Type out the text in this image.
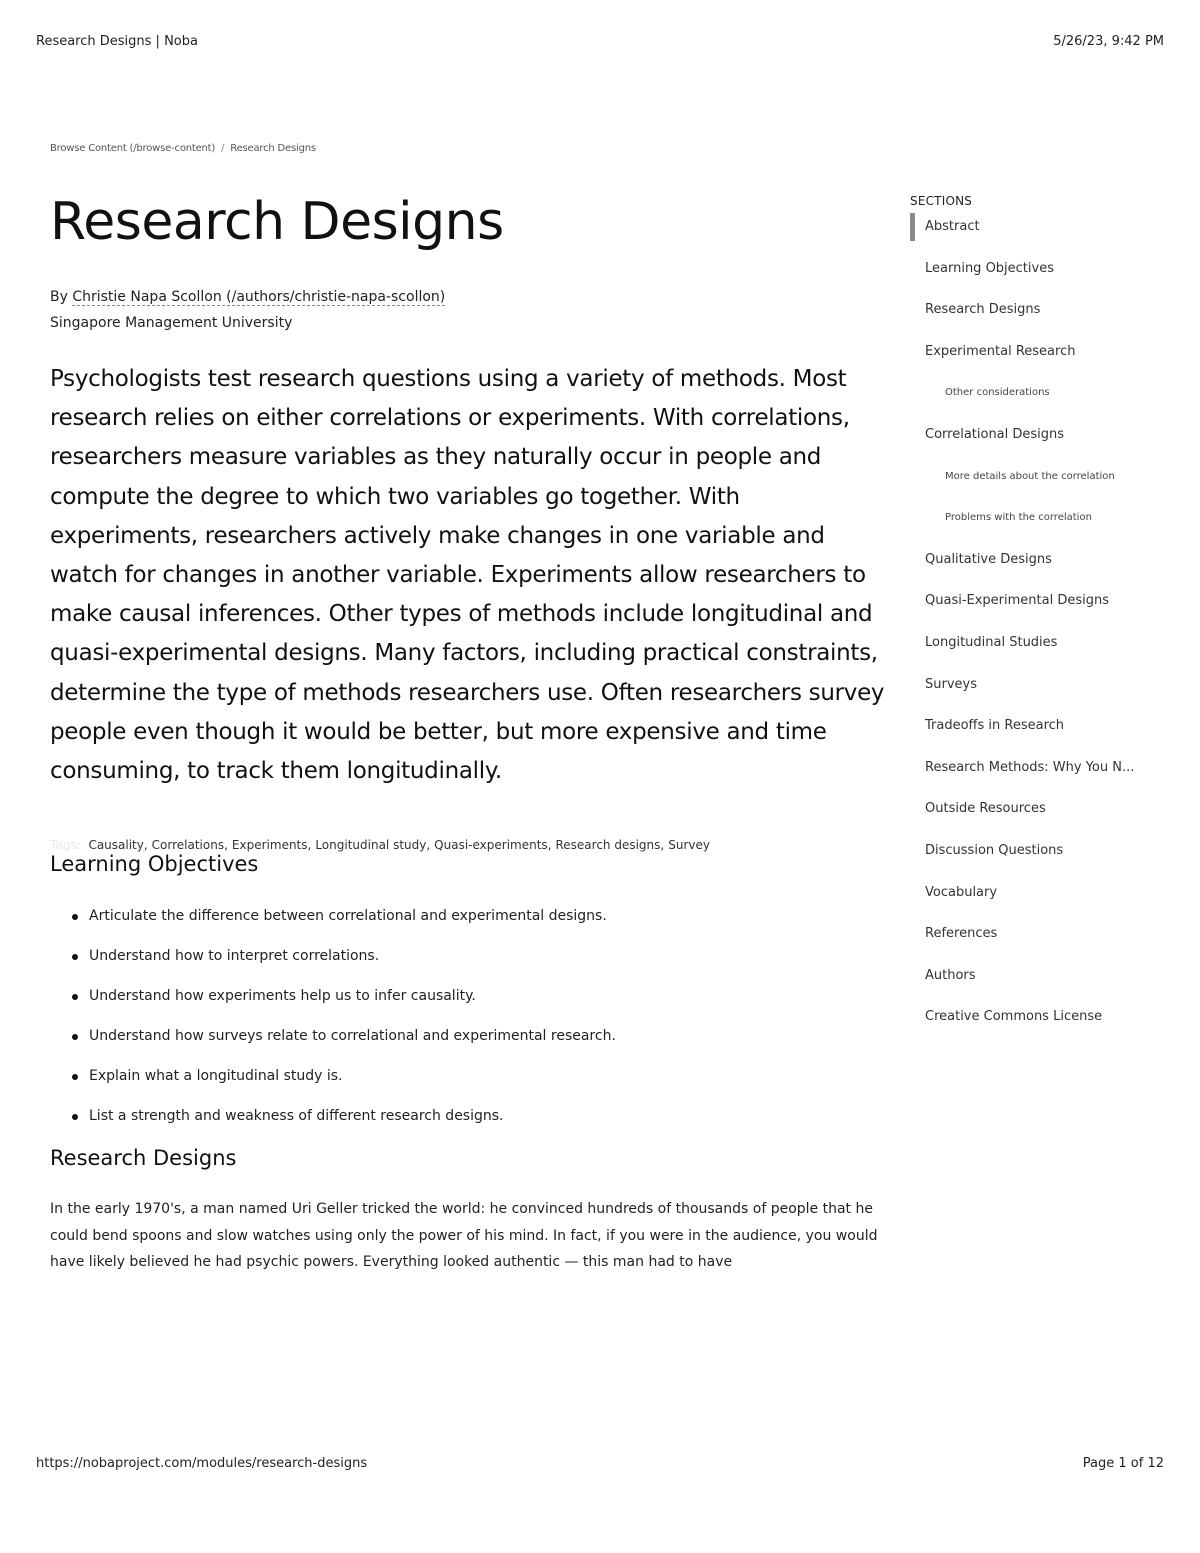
Research Designs | Noba	5/26/23, 9:42 PM
Browse Content (/browse-content) / Research Designs
Research Designs
By Christie Napa Scollon (/authors/christie-napa-scollon)
Singapore Management University
Psychologists test research questions using a variety of methods. Most research relies on either correlations or experiments. With correlations, researchers measure variables as they naturally occur in people and compute the degree to which two variables go together. With experiments, researchers actively make changes in one variable and watch for changes in another variable. Experiments allow researchers to make causal inferences. Other types of methods include longitudinal and quasi-experimental designs. Many factors, including practical constraints, determine the type of methods researchers use. Often researchers survey people even though it would be better, but more expensive and time consuming, to track them longitudinally.
Tags: Causality, Correlations, Experiments, Longitudinal study, Quasi-experiments, Research designs, Survey
Learning Objectives
Articulate the difference between correlational and experimental designs.
Understand how to interpret correlations.
Understand how experiments help us to infer causality.
Understand how surveys relate to correlational and experimental research.
Explain what a longitudinal study is.
List a strength and weakness of different research designs.
Research Designs
In the early 1970's, a man named Uri Geller tricked the world: he convinced hundreds of thousands of people that he could bend spoons and slow watches using only the power of his mind. In fact, if you were in the audience, you would have likely believed he had psychic powers. Everything looked authentic — this man had to have
SECTIONS
Abstract
Learning Objectives
Research Designs
Experimental Research
Other considerations
Correlational Designs
More details about the correlation
Problems with the correlation
Qualitative Designs
Quasi-Experimental Designs
Longitudinal Studies
Surveys
Tradeoffs in Research
Research Methods: Why You N...
Outside Resources
Discussion Questions
Vocabulary
References
Authors
Creative Commons License
https://nobaproject.com/modules/research-designs	Page 1 of 12
